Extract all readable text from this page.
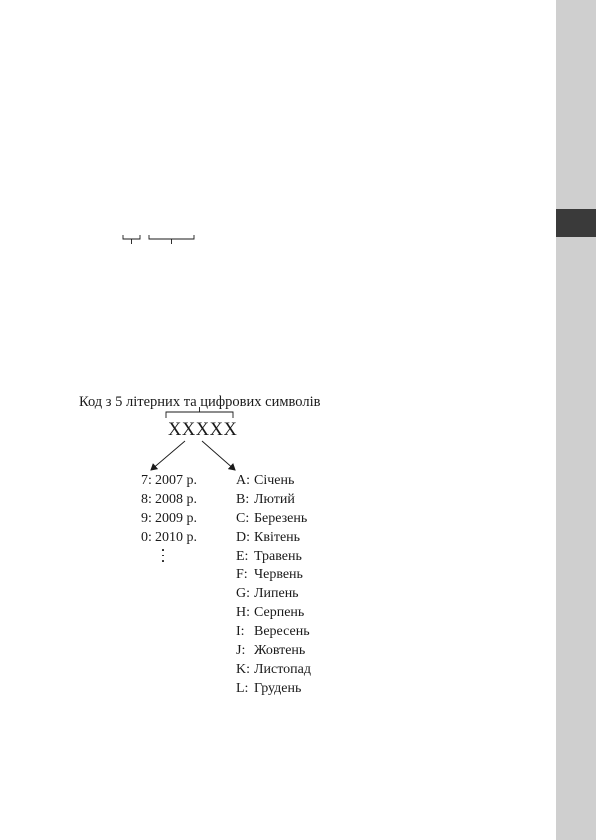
Код з 5 літерних та цифрових символів
XXXXX
7: 2007 р.
8: 2008 р.
9: 2009 р.
0: 2010 р.
A: Січень
B: Лютий
C: Березень
D: Квітень
E: Травень
F: Червень
G: Липень
H: Серпень
I: Вересень
J: Жовтень
K: Листопад
L: Грудень
